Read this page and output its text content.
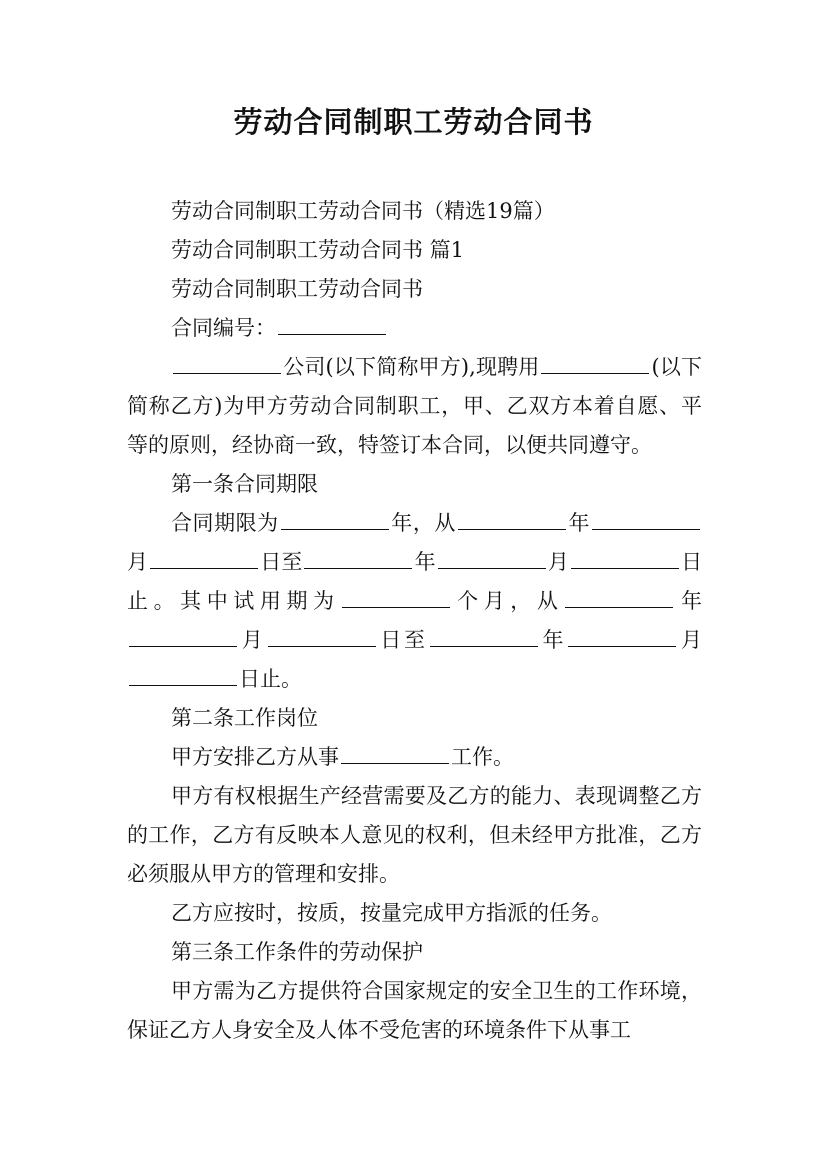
劳动合同制职工劳动合同书

劳动合同制职工劳动合同书（精选19篇）

劳动合同制职工劳动合同书 篇1

劳动合同制职工劳动合同书

合同编号：

公司(以下简称甲方),现聘用	(以下简称乙方)为甲方劳动合同制职工，甲、乙双方本着自愿、平等的原则，经协商一致，特签订本合同，以便共同遵守。

第一条合同期限

合同期限为	年，从	年月	日至	年	月	日止。其中试用期为	个月，从	年月	日至	年	月日止。

第二条工作岗位

甲方安排乙方从事	工作。

甲方有权根据生产经营需要及乙方的能力、表现调整乙方的工作，乙方有反映本人意见的权利，但未经甲方批准，乙方必须服从甲方的管理和安排。

乙方应按时，按质，按量完成甲方指派的任务。

第三条工作条件的劳动保护

甲方需为乙方提供符合国家规定的安全卫生的工作环境，保证乙方人身安全及人体不受危害的环境条件下从事工
